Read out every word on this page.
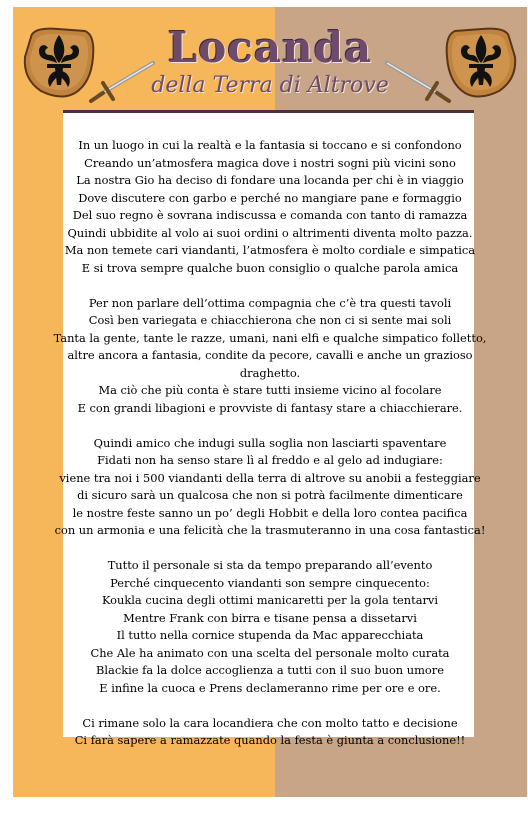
Locanda
della Terra di Altrove
In un luogo in cui la realtà e la fantasia si toccano e si confondono
Creando un’atmosfera magica dove i nostri sogni più vicini sono
La nostra Gio ha deciso di fondare una locanda per chi è in viaggio
Dove discutere con garbo e perché no mangiare pane e formaggio
Del suo regno è sovrana indiscussa e comanda con tanto di ramazza
Quindi ubbidite al volo ai suoi ordini o altrimenti diventa molto pazza.
Ma non temete cari viandanti, l’atmosfera è molto cordiale e simpatica
E si trova sempre qualche buon consiglio o qualche parola amica
Per non parlare dell’ottima compagnia che c’è tra questi tavoli
Così ben variegata e chiacchierona che non ci si sente mai soli
Tanta la gente, tante le razze, umani, nani elfi e qualche simpatico folletto,
altre ancora a fantasia, condite da pecore, cavalli e anche un grazioso
draghetto.
Ma ciò che più conta è stare tutti insieme vicino al focolare
E con grandi libagioni e provviste di fantasy stare a chiacchierare.
Quindi amico che indugi sulla soglia non lasciarti spaventare
Fidati non ha senso stare lì al freddo e al gelo ad indugiare:
viene tra noi i 500 viandanti della terra di altrove su anobii a festeggiare
di sicuro sarà un qualcosa che non si potrà facilmente dimenticare
le nostre feste sanno un po’ degli Hobbit e della loro contea pacifica
con un armonia e una felicità che la trasmuteranno in una cosa fantastica!
Tutto il personale si sta da tempo preparando all’evento
Perché cinquecento viandanti son sempre cinquecento:
Koukla cucina degli ottimi manicaretti per la gola tentarvi
Mentre Frank con birra e tisane pensa a dissetarvi
Il tutto nella cornice stupenda da Mac apparecchiata
Che Ale ha animato con una scelta del personale molto curata
Blackie fa la dolce accoglienza a tutti con il suo buon umore
E infine la cuoca e Prens declameranno rime per ore e ore.
Ci rimane solo la cara locandiera che con molto tatto e decisione
Ci farà sapere a ramazzate quando la festa è giunta a conclusione!!
